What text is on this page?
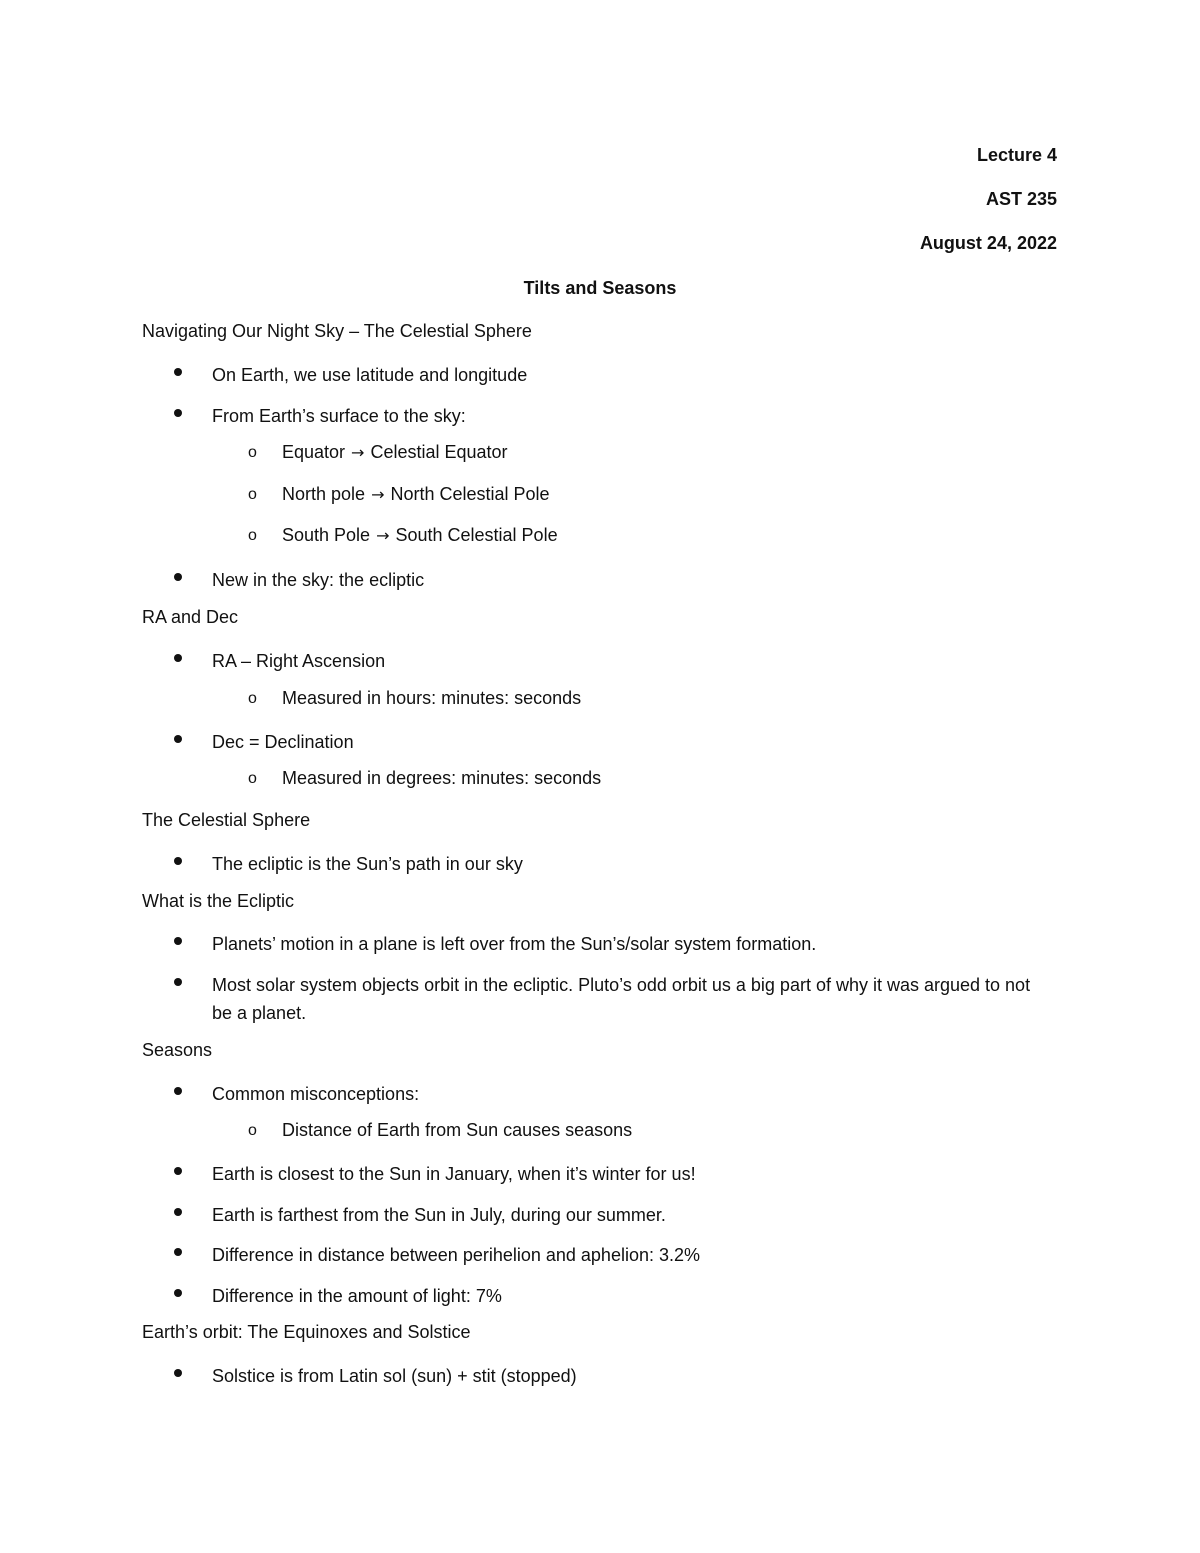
Lecture 4
AST 235
August 24, 2022
Tilts and Seasons
Navigating Our Night Sky – The Celestial Sphere
On Earth, we use latitude and longitude
From Earth’s surface to the sky:
o Equator → Celestial Equator
o North pole → North Celestial Pole
o South Pole → South Celestial Pole
New in the sky: the ecliptic
RA and Dec
RA – Right Ascension
o Measured in hours: minutes: seconds
Dec = Declination
o Measured in degrees: minutes: seconds
The Celestial Sphere
The ecliptic is the Sun’s path in our sky
What is the Ecliptic
Planets’ motion in a plane is left over from the Sun’s/solar system formation.
Most solar system objects orbit in the ecliptic. Pluto’s odd orbit us a big part of why it was argued to not be a planet.
Seasons
Common misconceptions:
o Distance of Earth from Sun causes seasons
Earth is closest to the Sun in January, when it’s winter for us!
Earth is farthest from the Sun in July, during our summer.
Difference in distance between perihelion and aphelion: 3.2%
Difference in the amount of light: 7%
Earth’s orbit: The Equinoxes and Solstice
Solstice is from Latin sol (sun) + stit (stopped)
